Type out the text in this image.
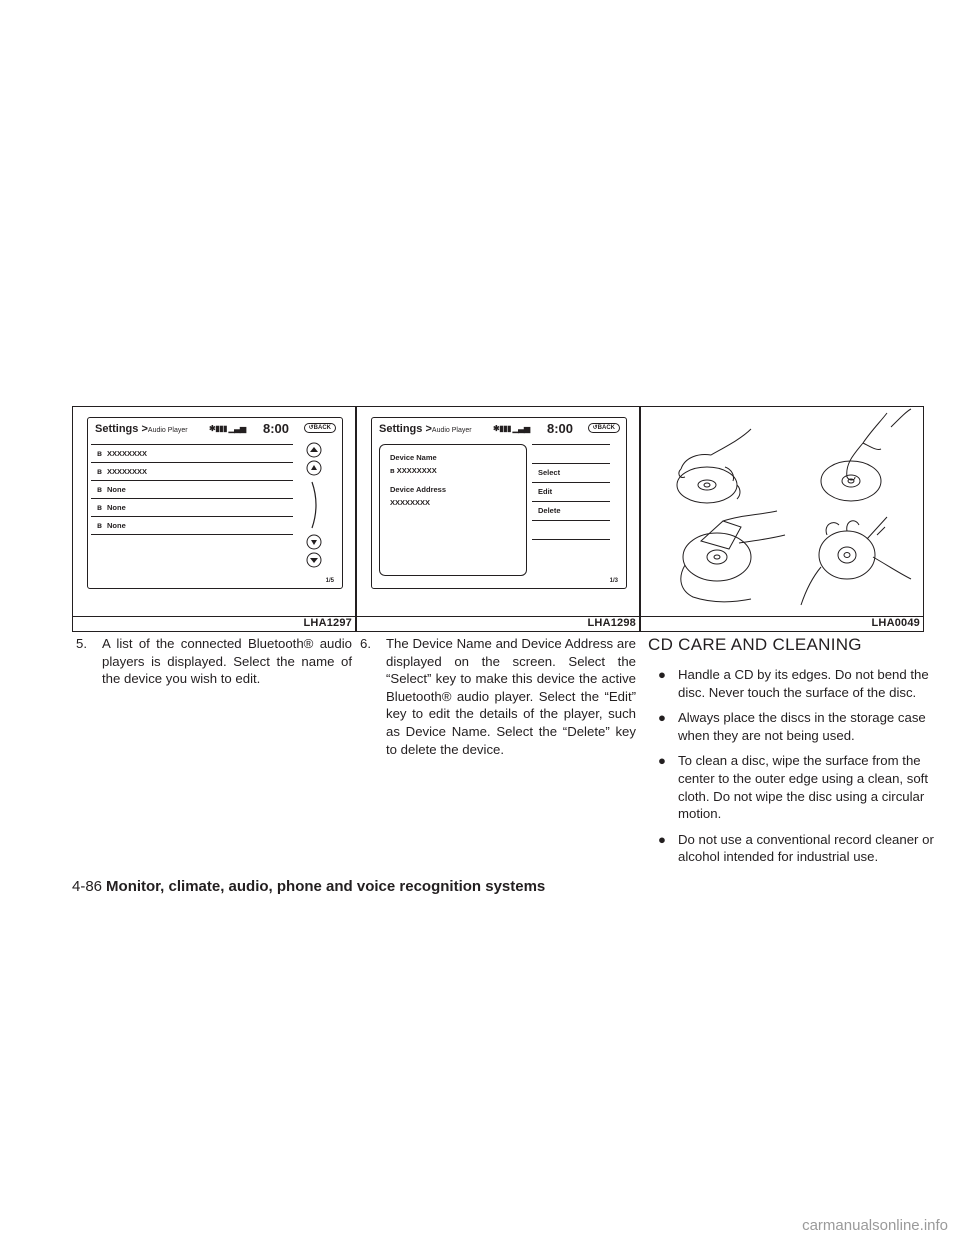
Settings >Audio Player	✱▮▮▮ ▁▃▅ 8:00	↺BACK
ʙ XXXXXXXX
ʙ XXXXXXXX
ʙ None
ʙ None
ʙ None
1/5
LHA1297
Settings >Audio Player	✱▮▮▮ ▁▃▅ 8:00	↺BACK
Device Name
ʙ XXXXXXXX
Device Address
XXXXXXXX
Select
Edit
Delete
1/3
LHA1298	LHA0049
5.	A list of the connected Bluetooth® audio players is displayed. Select the name of the device you wish to edit.
6.	The Device Name and Device Address are displayed on the screen. Select the “Select” key to make this device the active Bluetooth® audio player. Select the “Edit” key to edit the details of the player, such as Device Name. Select the “Delete” key to delete the device.
CD CARE AND CLEANING
● Handle a CD by its edges. Do not bend the disc. Never touch the surface of the disc.
● Always place the discs in the storage case when they are not being used.
● To clean a disc, wipe the surface from the center to the outer edge using a clean, soft cloth. Do not wipe the disc using a circular motion.
● Do not use a conventional record cleaner or alcohol intended for industrial use.
4-86 Monitor, climate, audio, phone and voice recognition systems
carmanualsonline.info
